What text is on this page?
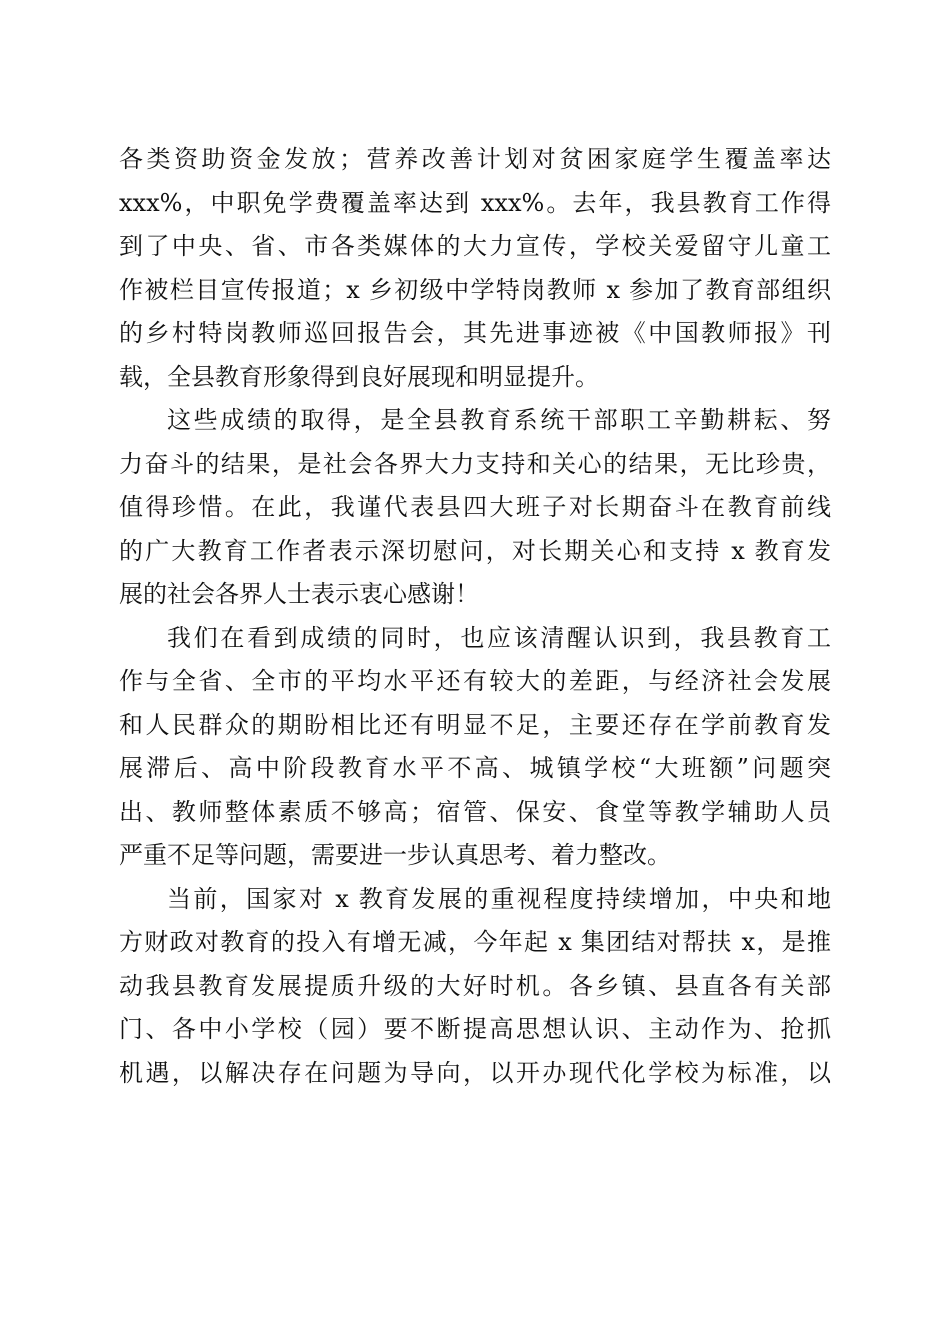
各类资助资金发放；营养改善计划对贫困家庭学生覆盖率达
xxx%，中职免学费覆盖率达到 xxx%。去年，我县教育工作得
到了中央、省、市各类媒体的大力宣传，学校关爱留守儿童工
作被栏目宣传报道；x 乡初级中学特岗教师 x 参加了教育部组织
的乡村特岗教师巡回报告会，其先进事迹被《中国教师报》刊
载，全县教育形象得到良好展现和明显提升。
这些成绩的取得，是全县教育系统干部职工辛勤耕耘、努
力奋斗的结果，是社会各界大力支持和关心的结果，无比珍贵，
值得珍惜。在此，我谨代表县四大班子对长期奋斗在教育前线
的广大教育工作者表示深切慰问，对长期关心和支持 x 教育发
展的社会各界人士表示衷心感谢！
我们在看到成绩的同时，也应该清醒认识到，我县教育工
作与全省、全市的平均水平还有较大的差距，与经济社会发展
和人民群众的期盼相比还有明显不足，主要还存在学前教育发
展滞后、高中阶段教育水平不高、城镇学校“大班额”问题突
出、教师整体素质不够高；宿管、保安、食堂等教学辅助人员
严重不足等问题，需要进一步认真思考、着力整改。
当前，国家对 x 教育发展的重视程度持续增加，中央和地
方财政对教育的投入有增无减，今年起 x 集团结对帮扶 x，是推
动我县教育发展提质升级的大好时机。各乡镇、县直各有关部
门、各中小学校（园）要不断提高思想认识、主动作为、抢抓
机遇，以解决存在问题为导向，以开办现代化学校为标准，以
